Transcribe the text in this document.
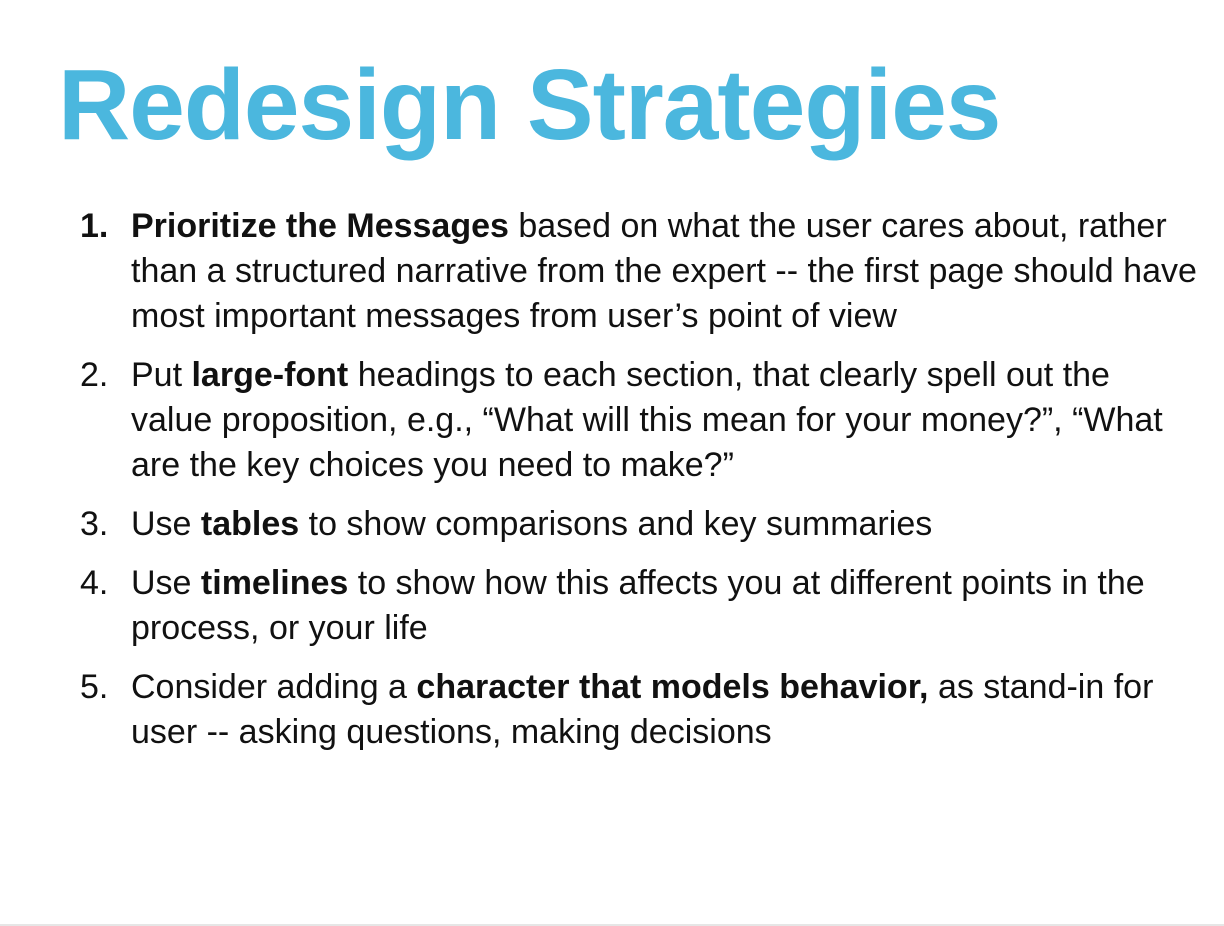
Redesign Strategies
1. Prioritize the Messages based on what the user cares about, rather than a structured narrative from the expert -- the first page should have most important messages from user’s point of view
2. Put large-font headings to each section, that clearly spell out the value proposition, e.g., “What will this mean for your money?”, “What are the key choices you need to make?”
3. Use tables to show comparisons and key summaries
4. Use timelines to show how this affects you at different points in the process, or your life
5. Consider adding a character that models behavior, as stand-in for user -- asking questions, making decisions
